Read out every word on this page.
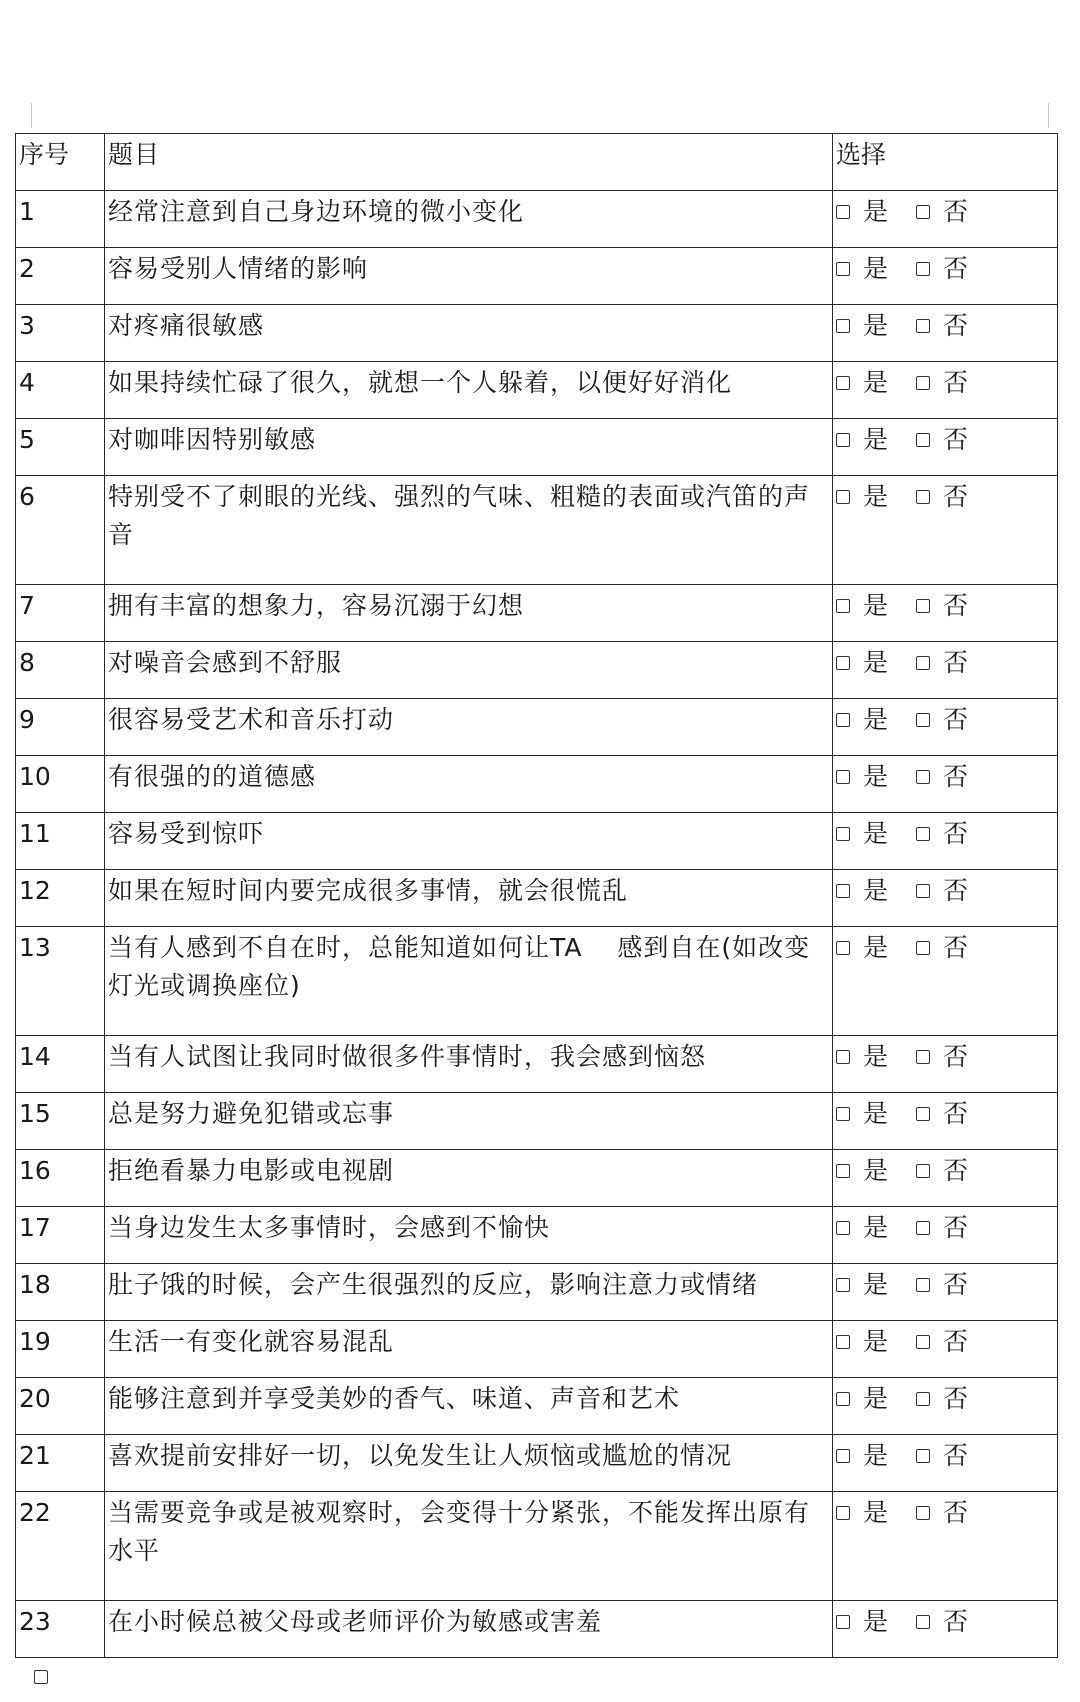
序号	题目	选择
1	经常注意到自己身边环境的微小变化	是 否

2	容易受别人情绪的影响	是 否

3	对疼痛很敏感	是 否

4	如果持续忙碌了很久，就想一个人躲着，以便好好消化	是 否

5	对咖啡因特别敏感	是 否

6	特别受不了刺眼的光线、强烈的气味、粗糙的表面或汽笛的声音	是 否

7	拥有丰富的想象力，容易沉溺于幻想	是 否

8	对噪音会感到不舒服	是 否

9	很容易受艺术和音乐打动	是 否

10	有很强的的道德感	是 否

11	容易受到惊吓	是 否

12	如果在短时间内要完成很多事情，就会很慌乱	是 否

13	当有人感到不自在时，总能知道如何让TA　 感到自在(如改变灯光或调换座位)	是 否

14	当有人试图让我同时做很多件事情时，我会感到恼怒	是 否

15	总是努力避免犯错或忘事	是 否

16	拒绝看暴力电影或电视剧	是 否

17	当身边发生太多事情时，会感到不愉快	是 否

18	肚子饿的时候，会产生很强烈的反应，影响注意力或情绪	是 否

19	生活一有变化就容易混乱	是 否

20	能够注意到并享受美妙的香气、味道、声音和艺术	是 否

21	喜欢提前安排好一切，以免发生让人烦恼或尴尬的情况	是 否

22	当需要竞争或是被观察时，会变得十分紧张，不能发挥出原有水平	是 否

23	在小时候总被父母或老师评价为敏感或害羞	是 否
